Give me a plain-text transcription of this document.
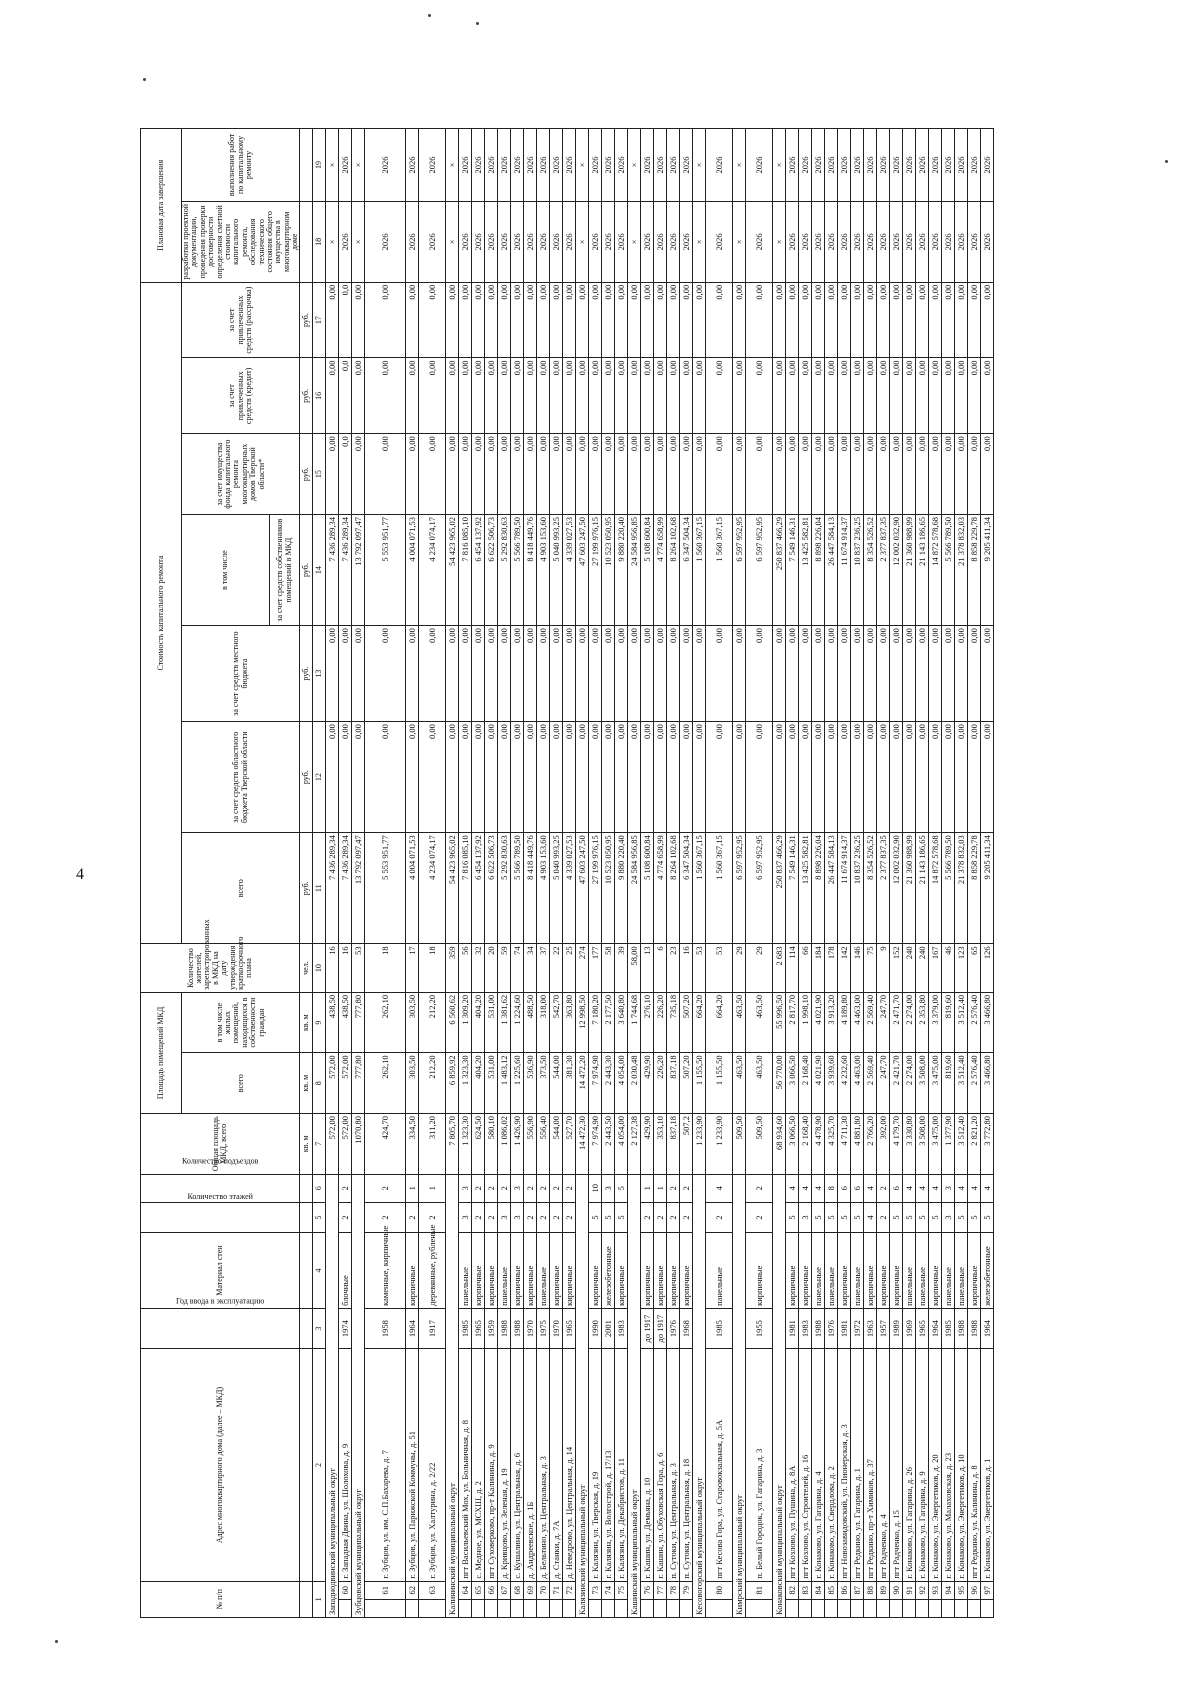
4
№ п/п		Адрес многоквартирного дома (далее – МКД)	Год ввода в эксплуатацию	Материал стен	Количество этажей	Количество подъездов	Общая площадь МКД, всего	Площадь помещений МКД		Количество жителей, зарегистрированных в МКД на дату утверждения краткосрочного плана	Стоимость капитального ремонта							Плановая дата завершения	
								всего	в том числе жилых помещений, находящихся в собственности граждан		всего	за счет средств областного бюджета Тверской области	за счет средств местного бюджета	в том числе	за счет имущества фонда капитального ремонта многоквартирных домов Тверской области*	за счет привлеченных средств (кредит)	за счет привлеченных средств (рассрочка)	разработки проектной документации, проведения проверки достоверности определения сметной стоимости капитального ремонта, обследования технического состояния общего имущества в многоквартирном доме	выполнения работ по капитальному ремонту
														за счет средств собственников помещений в МКД					
							кв. м	кв. м	кв. м	чел.	руб.	руб.	руб.	руб.	руб.	руб.	руб.		
1		2	3	4	5	6	7	8	9	10	11	12	13	14	15	16	17	18	19
Западнодвинский муниципальный округ							572,00	572,00	438,50	16	7 436 289,34	0,00	0,00	7 436 289,34	0,00	0,00	0,00	×	×
	60	г. Западная Двина, ул. Шолохова, д. 9	1974	блочные	2	2	572,00	572,00	438,50	16	7 436 289,34	0,00	0,00	7 436 289,34	0,0	0,0	0,0	2026	2026
Зубцовский муниципальный округ							1070,80	777,80	777,80	53	13 792 097,47	0,00	0,00	13 792 097,47	0,00	0,00	0,00	×	×
	61	г. Зубцов, ул. им. С.П.Бахарева, д. 7	1958	каменные, кирпичные	2	2	424,70	262,10	262,10	18	5 553 951,77	0,00	0,00	5 553 951,77	0,00	0,00	0,00	2026	2026
	62	г. Зубцов, ул. Парижской Коммуны, д. 51	1964	кирпичные	2	1	334,50	303,50	303,50	17	4 004 071,53	0,00	0,00	4 004 071,53	0,00	0,00	0,00	2026	2026
	63	г. Зубцов, ул. Халтурина, д. 2/22	1917	деревянные, рубленые	2	1	311,20	212,20	212,20	18	4 234 074,17	0,00	0,00	4 234 074,17	0,00	0,00	0,00	2026	2026
Калининский муниципальный округ							7 805,70	6 859,92	6 560,62	359	54 423 965,02	0,00	0,00	54 423 965,02	0,00	0,00	0,00	×	×
	64	пгт Васильевский Мох, ул. Больничная, д. 8	1985	панельные	3	3	1 323,30	1 323,30	1 309,20	56	7 816 085,10	0,00	0,00	7 816 085,10	0,00	0,00	0,00	2026	2026
	65	с. Медное, ул. МСХШ, д. 2	1965	кирпичные	2	2	624,50	404,20	404,20	32	6 454 137,92	0,00	0,00	6 454 137,92	0,00	0,00	0,00	2026	2026
	66	пгт Суховерково, пр-т Калинина, д. 9	1959	кирпичные	2	2	580,10	531,00	531,00	20	6 622 506,73	0,00	0,00	6 622 506,73	0,00	0,00	0,00	2026	2026
	67	д. Кривцово, ул. Зеленая, д. 19	1988	панельные	3	2	1 086,02	1 483,12	1 381,62	59	5 292 830,63	0,00	0,00	5 292 830,63	0,00	0,00	0,00	2026	2026
	68	с. Кушалино, ул. Центральная, д. 6	1988	кирпичные	3	3	1 426,90	1 225,60	1 224,60	74	5 566 789,50	0,00	0,00	5 566 789,50	0,00	0,00	0,00	2026	2026
	69	д. Андреевское, д. 1Б	1970	кирпичные	2	2	556,90	536,90	488,50	34	8 418 449,76	0,00	0,00	8 418 449,76	0,00	0,00	0,00	2026	2026
	70	д. Бельтино, ул. Центральная, д. 3	1975	панельные	2	2	556,40	373,50	318,00	37	4 903 153,60	0,00	0,00	4 903 153,60	0,00	0,00	0,00	2026	2026
	71	д. Станки, д. 7А	1970	кирпичные	2	2	544,00	544,00	542,70	22	5 040 993,25	0,00	0,00	5 040 993,25	0,00	0,00	0,00	2026	2026
	72	д. Неведрово, ул. Центральная, д. 14	1965	кирпичные	2	2	527,70	381,30	363,80	25	4 339 027,53	0,00	0,00	4 339 027,53	0,00	0,00	0,00	2026	2026
Калязинский муниципальный округ							14 472,30	14 472,20	12 998,50	274	47 603 247,50	0,00	0,00	47 603 247,50	0,00	0,00	0,00	×	×
	73	г. Калязин, ул. Тверская, д. 19	1990	кирпичные	5	10	7 974,90	7 974,90	7 180,20	177	27 199 976,15	0,00	0,00	27 199 976,15	0,00	0,00	0,00	2026	2026
	74	г. Калязин, ул. Волгострой, д. 17/13	2001	железобетонные	5	3	2 443,50	2 443,30	2 177,50	58	10 523 050,95	0,00	0,00	10 523 050,95	0,00	0,00	0,00	2026	2026
	75	г. Калязин, ул. Декабристов, д. 11	1983	кирпичные	5	5	4 054,00	4 054,00	3 640,80	39	9 880 220,40	0,00	0,00	9 880 220,40	0,00	0,00	0,00	2026	2026
Кашинский муниципальный округ							2 127,38	2 030,48	1 744,68	58,00	24 584 956,85	0,00	0,00	24 584 956,85	0,00	0,00	0,00	×	×
	76	г. Кашин, ул. Демьяна, д. 10	до 1917	кирпичные	2	1	429,90	429,90	276,10	13	5 108 600,84	0,00	0,00	5 108 600,84	0,00	0,00	0,00	2026	2026
	77	г. Кашин, ул. Обуховская Гора, д. 6	до 1917	кирпичные	2	1	353,10	226,20	226,20	6	4 774 658,99	0,00	0,00	4 774 658,99	0,00	0,00	0,00	2026	2026
	78	п. Сутоки, ул. Центральная, д. 3	1976	кирпичные	2	2	837,18	837,18	735,18	23	8 264 102,68	0,00	0,00	8 264 102,68	0,00	0,00	0,00	2026	2026
	79	п. Сутоки, ул. Центральная, д. 18	1968	кирпичные	2	2	507,2	507,20	507,20	16	6 347 504,34	0,00	0,00	6 347 504,34	0,00	0,00	0,00	2026	2026
Кесовогорский муниципальный округ							1 233,90	1 155,50	664,20	53	1 560 367,15	0,00	0,00	1 560 367,15	0,00	0,00	0,00	×	×
	80	пгт Кесова Гора, ул. Старовокзальная, д. 5А	1985	панельные	2	4	1 233,90	1 155,50	664,20	53	1 560 367,15	0,00	0,00	1 560 367,15	0,00	0,00	0,00	2026	2026
Кимрский муниципальный округ							509,50	463,50	463,50	29	6 597 952,95	0,00	0,00	6 597 952,95	0,00	0,00	0,00	×	×
	81	п. Белый Городок, ул. Гагарина, д. 3	1955	кирпичные	2	2	509,50	463,50	463,50	29	6 597 952,95	0,00	0,00	6 597 952,95	0,00	0,00	0,00	2026	2026
Конаковский муниципальный округ							68 934,60	56 770,00	55 996,50	2 683	250 837 466,29	0,00	0,00	250 837 466,29	0,00	0,00	0,00	×	×
	82	пгт Козлово, ул. Пушина, д. 8А	1981	кирпичные	5	4	3 066,50	3 066,50	2 817,70	114	7 549 146,31	0,00	0,00	7 549 146,31	0,00	0,00	0,00	2026	2026
	83	пгт Козлово, ул. Строителей, д. 16	1983	кирпичные	3	4	2 168,40	2 168,40	1 998,10	66	13 425 582,81	0,00	0,00	13 425 582,81	0,00	0,00	0,00	2026	2026
	84	г. Конаково, ул. Гагарина, д. 4	1988	панельные	5	4	4 478,90	4 021,90	4 021,90	184	8 898 226,04	0,00	0,00	8 898 226,04	0,00	0,00	0,00	2026	2026
	85	г. Конаково, ул. Свердлова, д. 2	1976	панельные	5	8	4 325,70	3 939,60	3 913,20	178	26 447 584,13	0,00	0,00	26 447 584,13	0,00	0,00	0,00	2026	2026
	86	пгт Новозавидовский, ул. Пионерская, д. 3	1981	кирпичные	5	6	4 711,30	4 232,60	4 189,80	142	11 674 914,37	0,00	0,00	11 674 914,37	0,00	0,00	0,00	2026	2026
	87	пгт Редкино, ул. Гагарина, д. 1	1972	панельные	5	6	4 881,80	4 463,00	4 463,00	146	10 837 236,25	0,00	0,00	10 837 236,25	0,00	0,00	0,00	2026	2026
	88	пгт Редкино, пр-т Химиков, д. 37	1963	кирпичные	4	4	2 766,20	2 569,40	2 569,40	75	8 354 526,52	0,00	0,00	8 354 526,52	0,00	0,00	0,00	2026	2026
	89	пгт Радченко, д. 4	1957	кирпичные	2	2	392,00	247,70	247,70	9	2 377 837,35	0,00	0,00	2 377 837,35	0,00	0,00	0,00	2026	2026
	90	пгт Радченко, д. 15	1989	кирпичные	5	6	4 179,70	2 421,70	2 471,70	152	12 002 032,90	0,00	0,00	12 002 032,90	0,00	0,00	0,00	2026	2026
	91	г. Конаково, ул. Гагарина, д. 26	1969	панельные	5	4	3 330,80	2 274,00	2 274,00	240	21 360 988,99	0,00	0,00	21 360 988,99	0,00	0,00	0,00	2026	2026
	92	г. Конаково, ул. Гагарина, д. 9	1965	панельные	5	4	3 508,00	3 508,00	2 353,80	240	21 143 186,65	0,00	0,00	21 143 186,65	0,00	0,00	0,00	2026	2026
	93	г. Конаково, ул. Энергетиков, д. 20	1964	кирпичные	5	4	3 475,00	3 475,00	3 379,00	167	14 872 578,68	0,00	0,00	14 872 578,68	0,00	0,00	0,00	2026	2026
	94	г. Конаково, ул. Малаховская, д. 23	1985	панельные	3	3	1 377,90	819,60	819,60	46	5 566 789,50	0,00	0,00	5 566 789,50	0,00	0,00	0,00	2026	2026
	95	г. Конаково, ул. Энергетиков, д. 10	1988	панельные	5	4	3 512,40	3 512,40	3 512,40	123	21 378 832,03	0,00	0,00	21 378 832,03	0,00	0,00	0,00	2026	2026
	96	пгт Редкино, ул. Калинина, д. 8	1988	кирпичные	5	4	2 821,20	2 576,40	2 576,40	65	8 858 229,78	0,00	0,00	8 858 229,78	0,00	0,00	0,00	2026	2026
	97	г. Конаково, ул. Энергетиков, д. 1	1964	железобетонные	5	4	3 772,80	3 466,80	3 466,80	126	9 205 411,34	0,00	0,00	9 205 411,34	0,00	0,00	0,00	2026	2026
